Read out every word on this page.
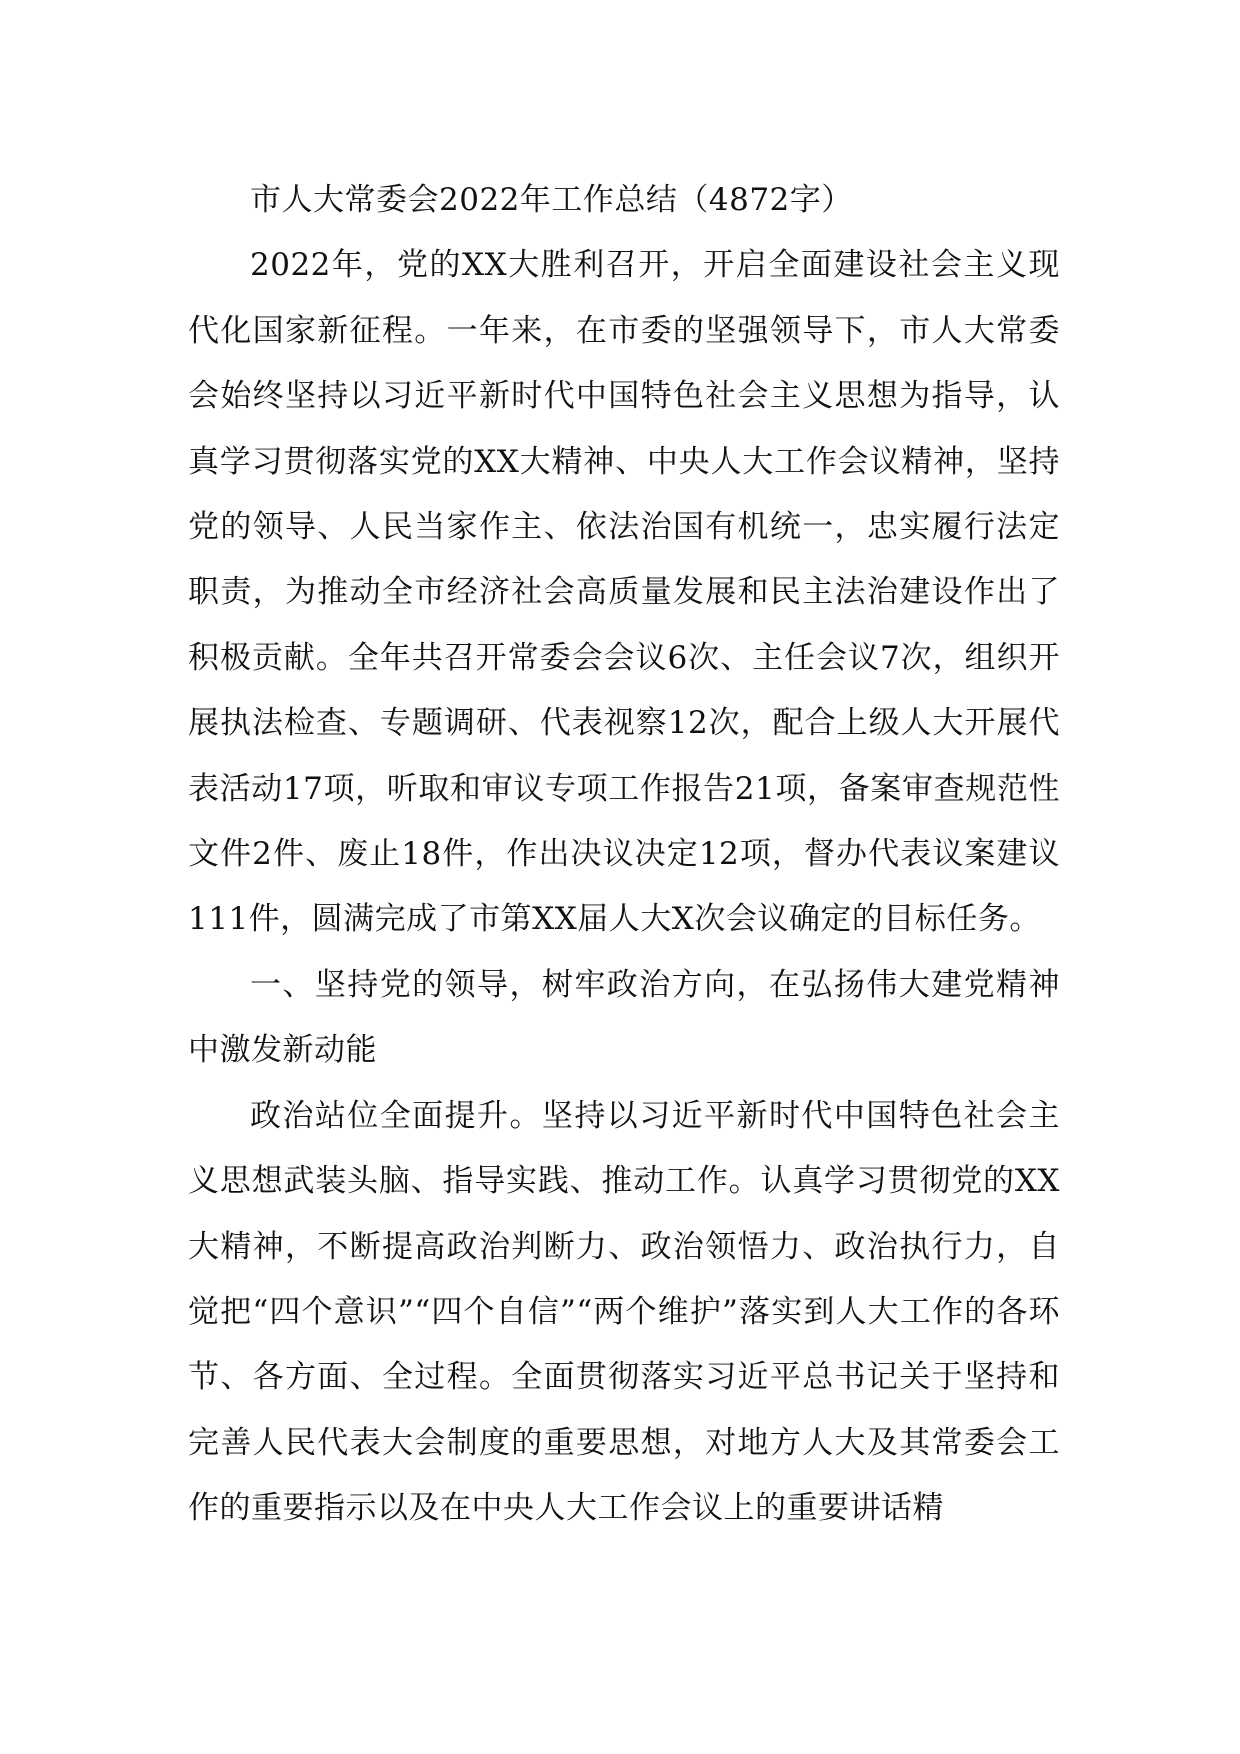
市人大常委会2022年工作总结（4872字）

2022年，党的XX大胜利召开，开启全面建设社会主义现代化国家新征程。一年来，在市委的坚强领导下，市人大常委会始终坚持以习近平新时代中国特色社会主义思想为指导，认真学习贯彻落实党的XX大精神、中央人大工作会议精神，坚持党的领导、人民当家作主、依法治国有机统一，忠实履行法定职责，为推动全市经济社会高质量发展和民主法治建设作出了积极贡献。全年共召开常委会会议6次、主任会议7次，组织开展执法检查、专题调研、代表视察12次，配合上级人大开展代表活动17项，听取和审议专项工作报告21项，备案审查规范性文件2件、废止18件，作出决议决定12项，督办代表议案建议111件，圆满完成了市第XX届人大X次会议确定的目标任务。

一、坚持党的领导，树牢政治方向，在弘扬伟大建党精神中激发新动能

政治站位全面提升。坚持以习近平新时代中国特色社会主义思想武装头脑、指导实践、推动工作。认真学习贯彻党的XX大精神，不断提高政治判断力、政治领悟力、政治执行力，自觉把“四个意识”“四个自信”“两个维护”落实到人大工作的各环节、各方面、全过程。全面贯彻落实习近平总书记关于坚持和完善人民代表大会制度的重要思想，对地方人大及其常委会工作的重要指示以及在中央人大工作会议上的重要讲话精
